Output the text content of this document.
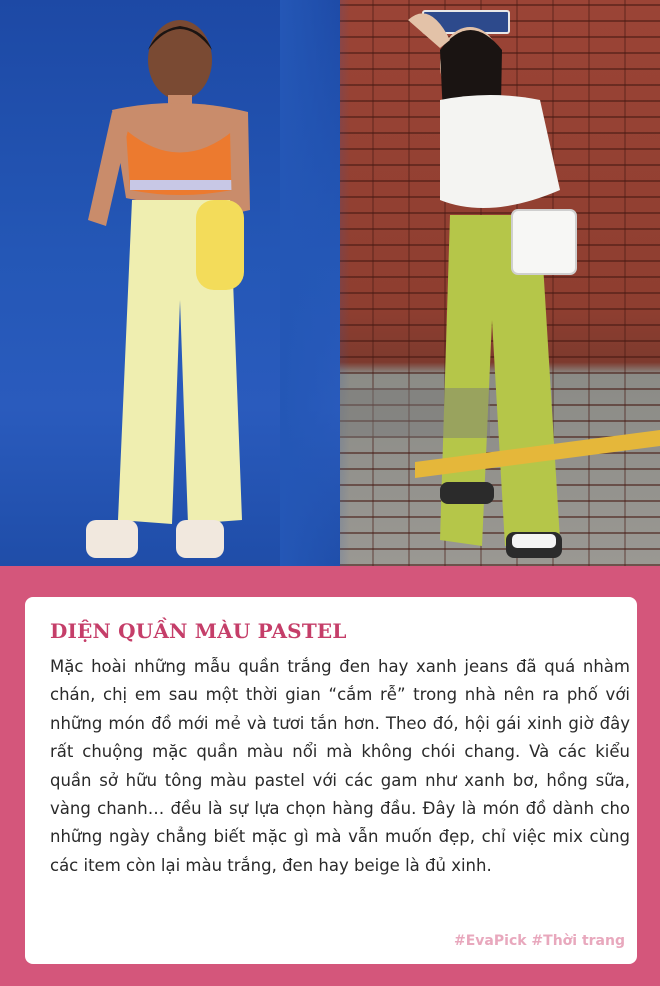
DIỆN QUẦN MÀU PASTEL

Mặc hoài những mẫu quần trắng đen hay xanh jeans đã quá nhàm chán, chị em sau một thời gian “cắm rễ” trong nhà nên ra phố với những món đồ mới mẻ và tươi tắn hơn. Theo đó, hội gái xinh giờ đây rất chuộng mặc quần màu nổi mà không chói chang. Và các kiểu quần sở hữu tông màu pastel với các gam như xanh bơ, hồng sữa, vàng chanh… đều là sự lựa chọn hàng đầu. Đây là món đồ dành cho những ngày chẳng biết mặc gì mà vẫn muốn đẹp, chỉ việc mix cùng các item còn lại màu trắng, đen hay beige là đủ xinh.

#EvaPick #Thời trang
